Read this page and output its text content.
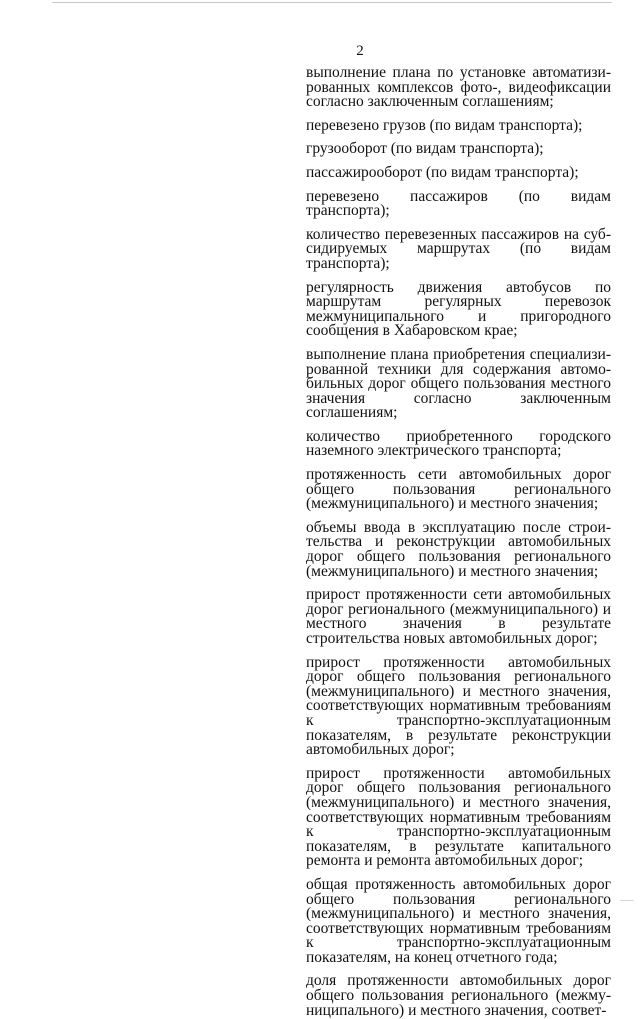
2

выполнение плана по установке автоматизированных комплексов фото-, видеофиксации согласно заключенным соглашениям;

перевезено грузов (по видам транспорта);

грузооборот (по видам транспорта);

пассажирооборот (по видам транспорта);

перевезено пассажиров (по видам транспорта);

количество перевезенных пассажиров на субсидируемых маршрутах (по видам транспорта);

регулярность движения автобусов по маршрутам регулярных перевозок межмуниципального и пригородного сообщения в Хабаровском крае;

выполнение плана приобретения специализированной техники для содержания автомобильных дорог общего пользования местного значения согласно заключенным соглашениям;

количество приобретенного городского наземного электрического транспорта;

протяженность сети автомобильных дорог общего пользования регионального (межмуниципального) и местного значения;

объемы ввода в эксплуатацию после строительства и реконструкции автомобильных дорог общего пользования регионального (межмуниципального) и местного значения;

прирост протяженности сети автомобильных дорог регионального (межмуниципального) и местного значения в результате строительства новых автомобильных дорог;

прирост протяженности автомобильных дорог общего пользования регионального (межмуниципального) и местного значения, соответствующих нормативным требованиям к транспортно-эксплуатационным показателям, в результате реконструкции автомобильных дорог;

прирост протяженности автомобильных дорог общего пользования регионального (межмуниципального) и местного значения, соответствующих нормативным требованиям к транспортно-эксплуатационным показателям, в результате капитального ремонта и ремонта автомобильных дорог;

общая протяженность автомобильных дорог общего пользования регионального (межмуниципального) и местного значения, соответствующих нормативным требованиям к транспортно-эксплуатационным показателям, на конец отчетного года;

доля протяженности автомобильных дорог общего пользования регионального (межмуниципального) и местного значения, соответ-
